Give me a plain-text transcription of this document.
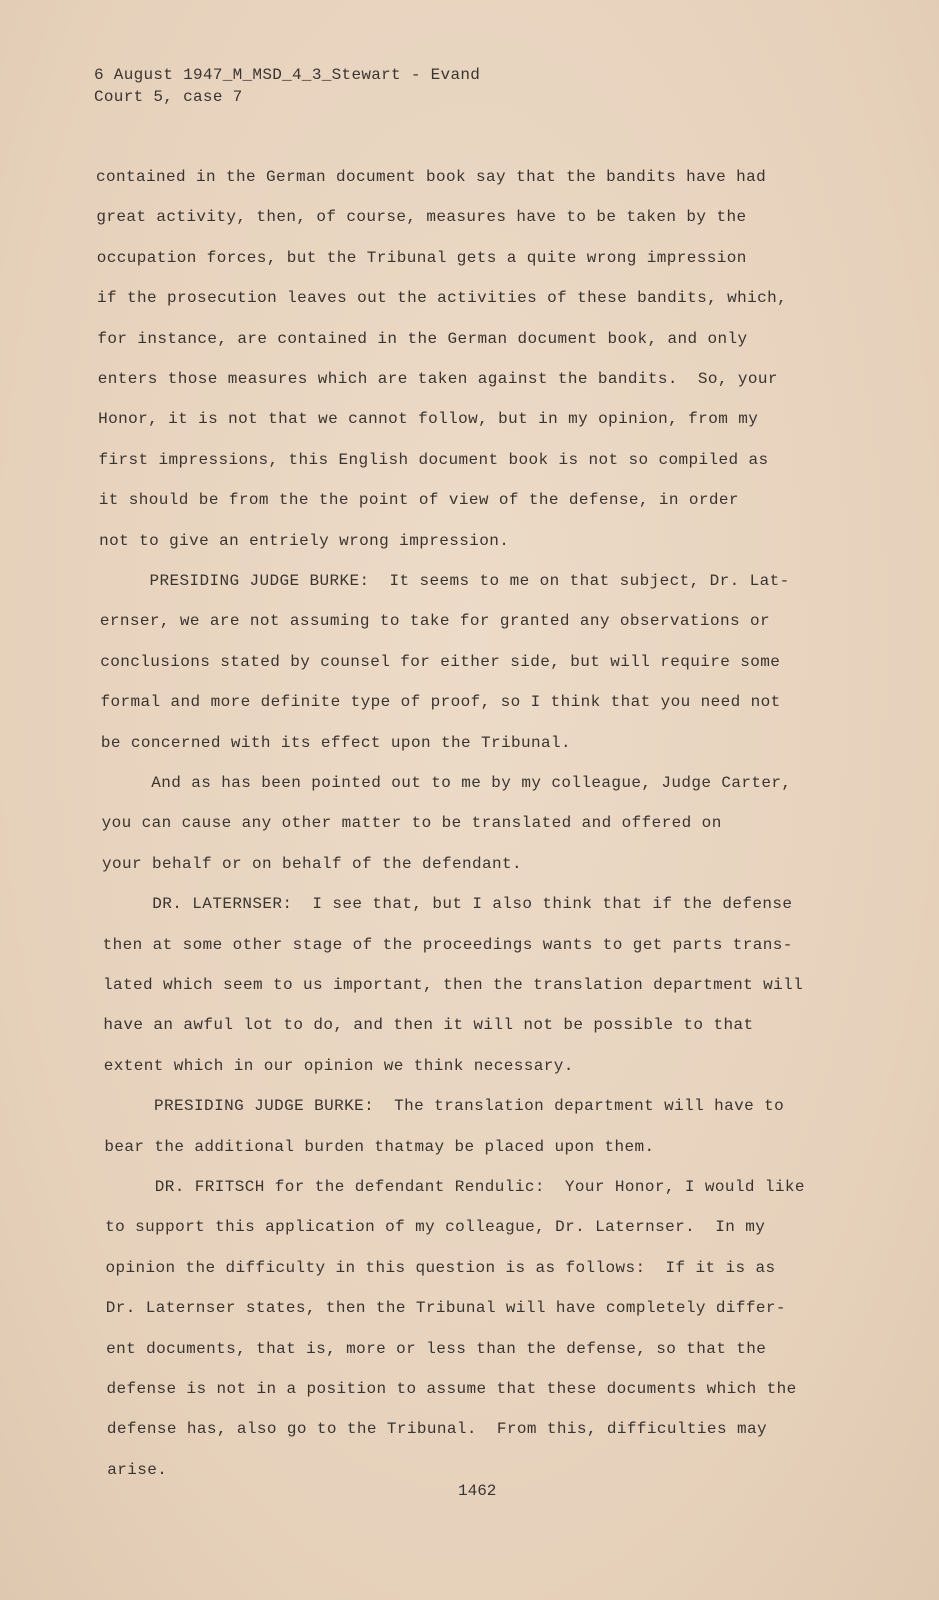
6 August 1947_M_MSD_4_3_Stewart - Evand
Court 5, case 7
contained in the German document book say that the bandits have had
great activity, then, of course, measures have to be taken by the
occupation forces, but the Tribunal gets a quite wrong impression
if the prosecution leaves out the activities of these bandits, which,
for instance, are contained in the German document book, and only
enters those measures which are taken against the bandits.  So, your
Honor, it is not that we cannot follow, but in my opinion, from my
first impressions, this English document book is not so compiled as
it should be from the the point of view of the defense, in order
not to give an entriely wrong impression.
PRESIDING JUDGE BURKE:  It seems to me on that subject, Dr. Lat-
ernser, we are not assuming to take for granted any observations or
conclusions stated by counsel for either side, but will require some
formal and more definite type of proof, so I think that you need not
be concerned with its effect upon the Tribunal.
And as has been pointed out to me by my colleague, Judge Carter,
you can cause any other matter to be translated and offered on
your behalf or on behalf of the defendant.
DR. LATERNSER:  I see that, but I also think that if the defense
then at some other stage of the proceedings wants to get parts trans-
lated which seem to us important, then the translation department will
have an awful lot to do, and then it will not be possible to that
extent which in our opinion we think necessary.
PRESIDING JUDGE BURKE:  The translation department will have to
bear the additional burden thatmay be placed upon them.
DR. FRITSCH for the defendant Rendulic:  Your Honor, I would like
to support this application of my colleague, Dr. Laternser.  In my
opinion the difficulty in this question is as follows:  If it is as
Dr. Laternser states, then the Tribunal will have completely differ-
ent documents, that is, more or less than the defense, so that the
defense is not in a position to assume that these documents which the
defense has, also go to the Tribunal.  From this, difficulties may
arise.
1462
